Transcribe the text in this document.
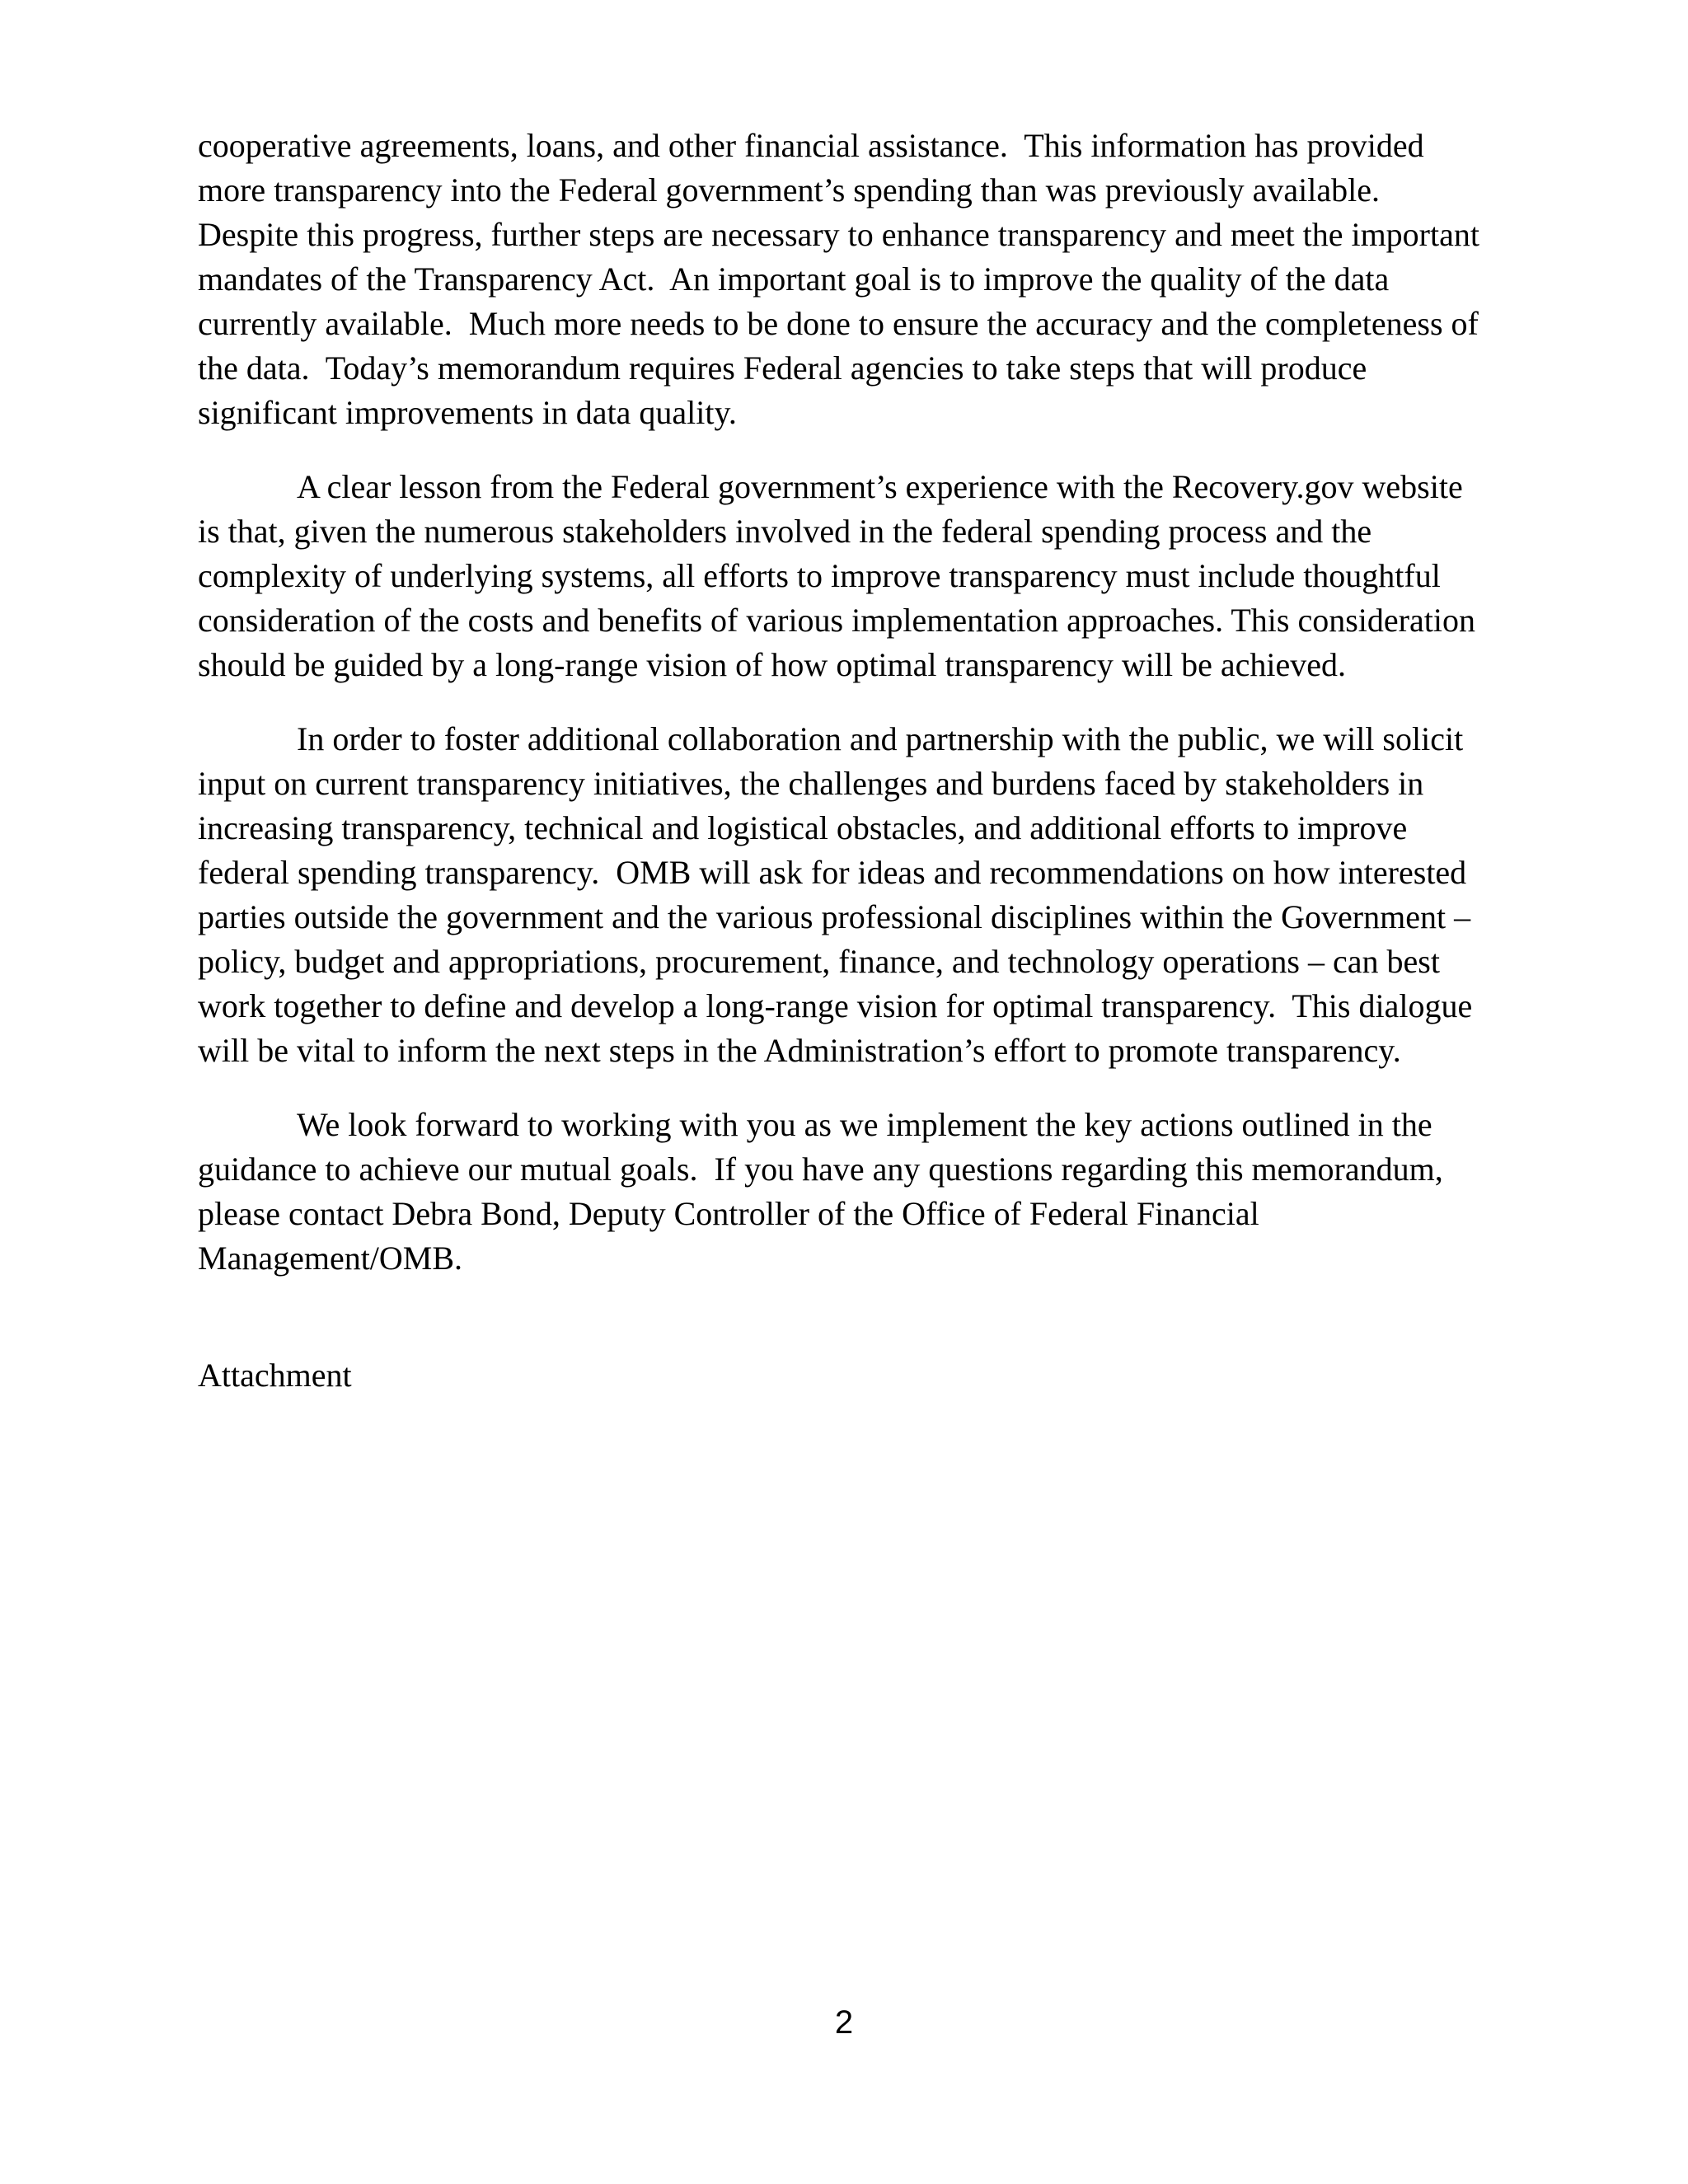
cooperative agreements, loans, and other financial assistance.  This information has provided
more transparency into the Federal government’s spending than was previously available.
Despite this progress, further steps are necessary to enhance transparency and meet the important
mandates of the Transparency Act.  An important goal is to improve the quality of the data
currently available.  Much more needs to be done to ensure the accuracy and the completeness of
the data.  Today’s memorandum requires Federal agencies to take steps that will produce
significant improvements in data quality.

A clear lesson from the Federal government’s experience with the Recovery.gov website
is that, given the numerous stakeholders involved in the federal spending process and the
complexity of underlying systems, all efforts to improve transparency must include thoughtful
consideration of the costs and benefits of various implementation approaches. This consideration
should be guided by a long-range vision of how optimal transparency will be achieved.

In order to foster additional collaboration and partnership with the public, we will solicit
input on current transparency initiatives, the challenges and burdens faced by stakeholders in
increasing transparency, technical and logistical obstacles, and additional efforts to improve
federal spending transparency.  OMB will ask for ideas and recommendations on how interested
parties outside the government and the various professional disciplines within the Government –
policy, budget and appropriations, procurement, finance, and technology operations – can best
work together to define and develop a long-range vision for optimal transparency.  This dialogue
will be vital to inform the next steps in the Administration’s effort to promote transparency.

We look forward to working with you as we implement the key actions outlined in the
guidance to achieve our mutual goals.  If you have any questions regarding this memorandum,
please contact Debra Bond, Deputy Controller of the Office of Federal Financial
Management/OMB.

Attachment

2
